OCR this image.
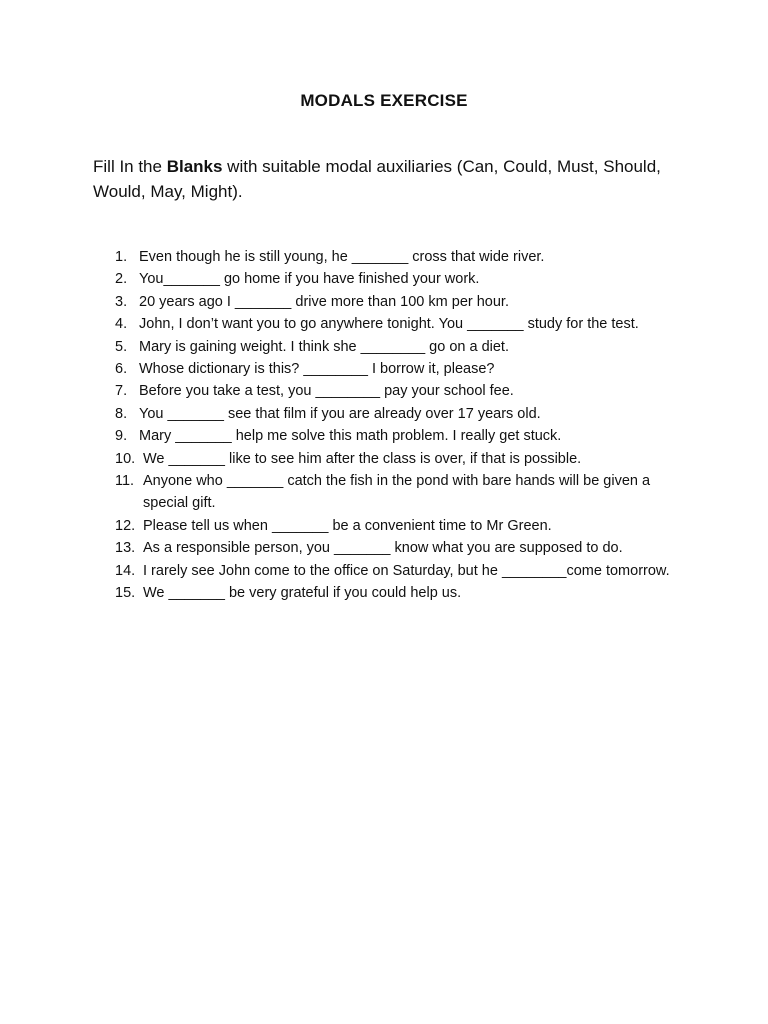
MODALS EXERCISE
Fill In the Blanks with suitable modal auxiliaries (Can, Could, Must, Should, Would, May, Might).
1. Even though he is still young, he _______ cross that wide river.
2. You_______ go home if you have finished your work.
3. 20 years ago I _______ drive more than 100 km per hour.
4. John, I don’t want you to go anywhere tonight. You _______ study for the test.
5. Mary is gaining weight. I think she ________ go on a diet.
6. Whose dictionary is this? ________ I borrow it, please?
7. Before you take a test, you ________ pay your school fee.
8. You _______ see that film if you are already over 17 years old.
9. Mary _______ help me solve this math problem. I really get stuck.
10. We _______ like to see him after the class is over, if that is possible.
11. Anyone who _______ catch the fish in the pond with bare hands will be given a special gift.
12. Please tell us when _______ be a convenient time to Mr Green.
13. As a responsible person, you _______ know what you are supposed to do.
14. I rarely see John come to the office on Saturday, but he ________come tomorrow.
15. We _______ be very grateful if you could help us.
